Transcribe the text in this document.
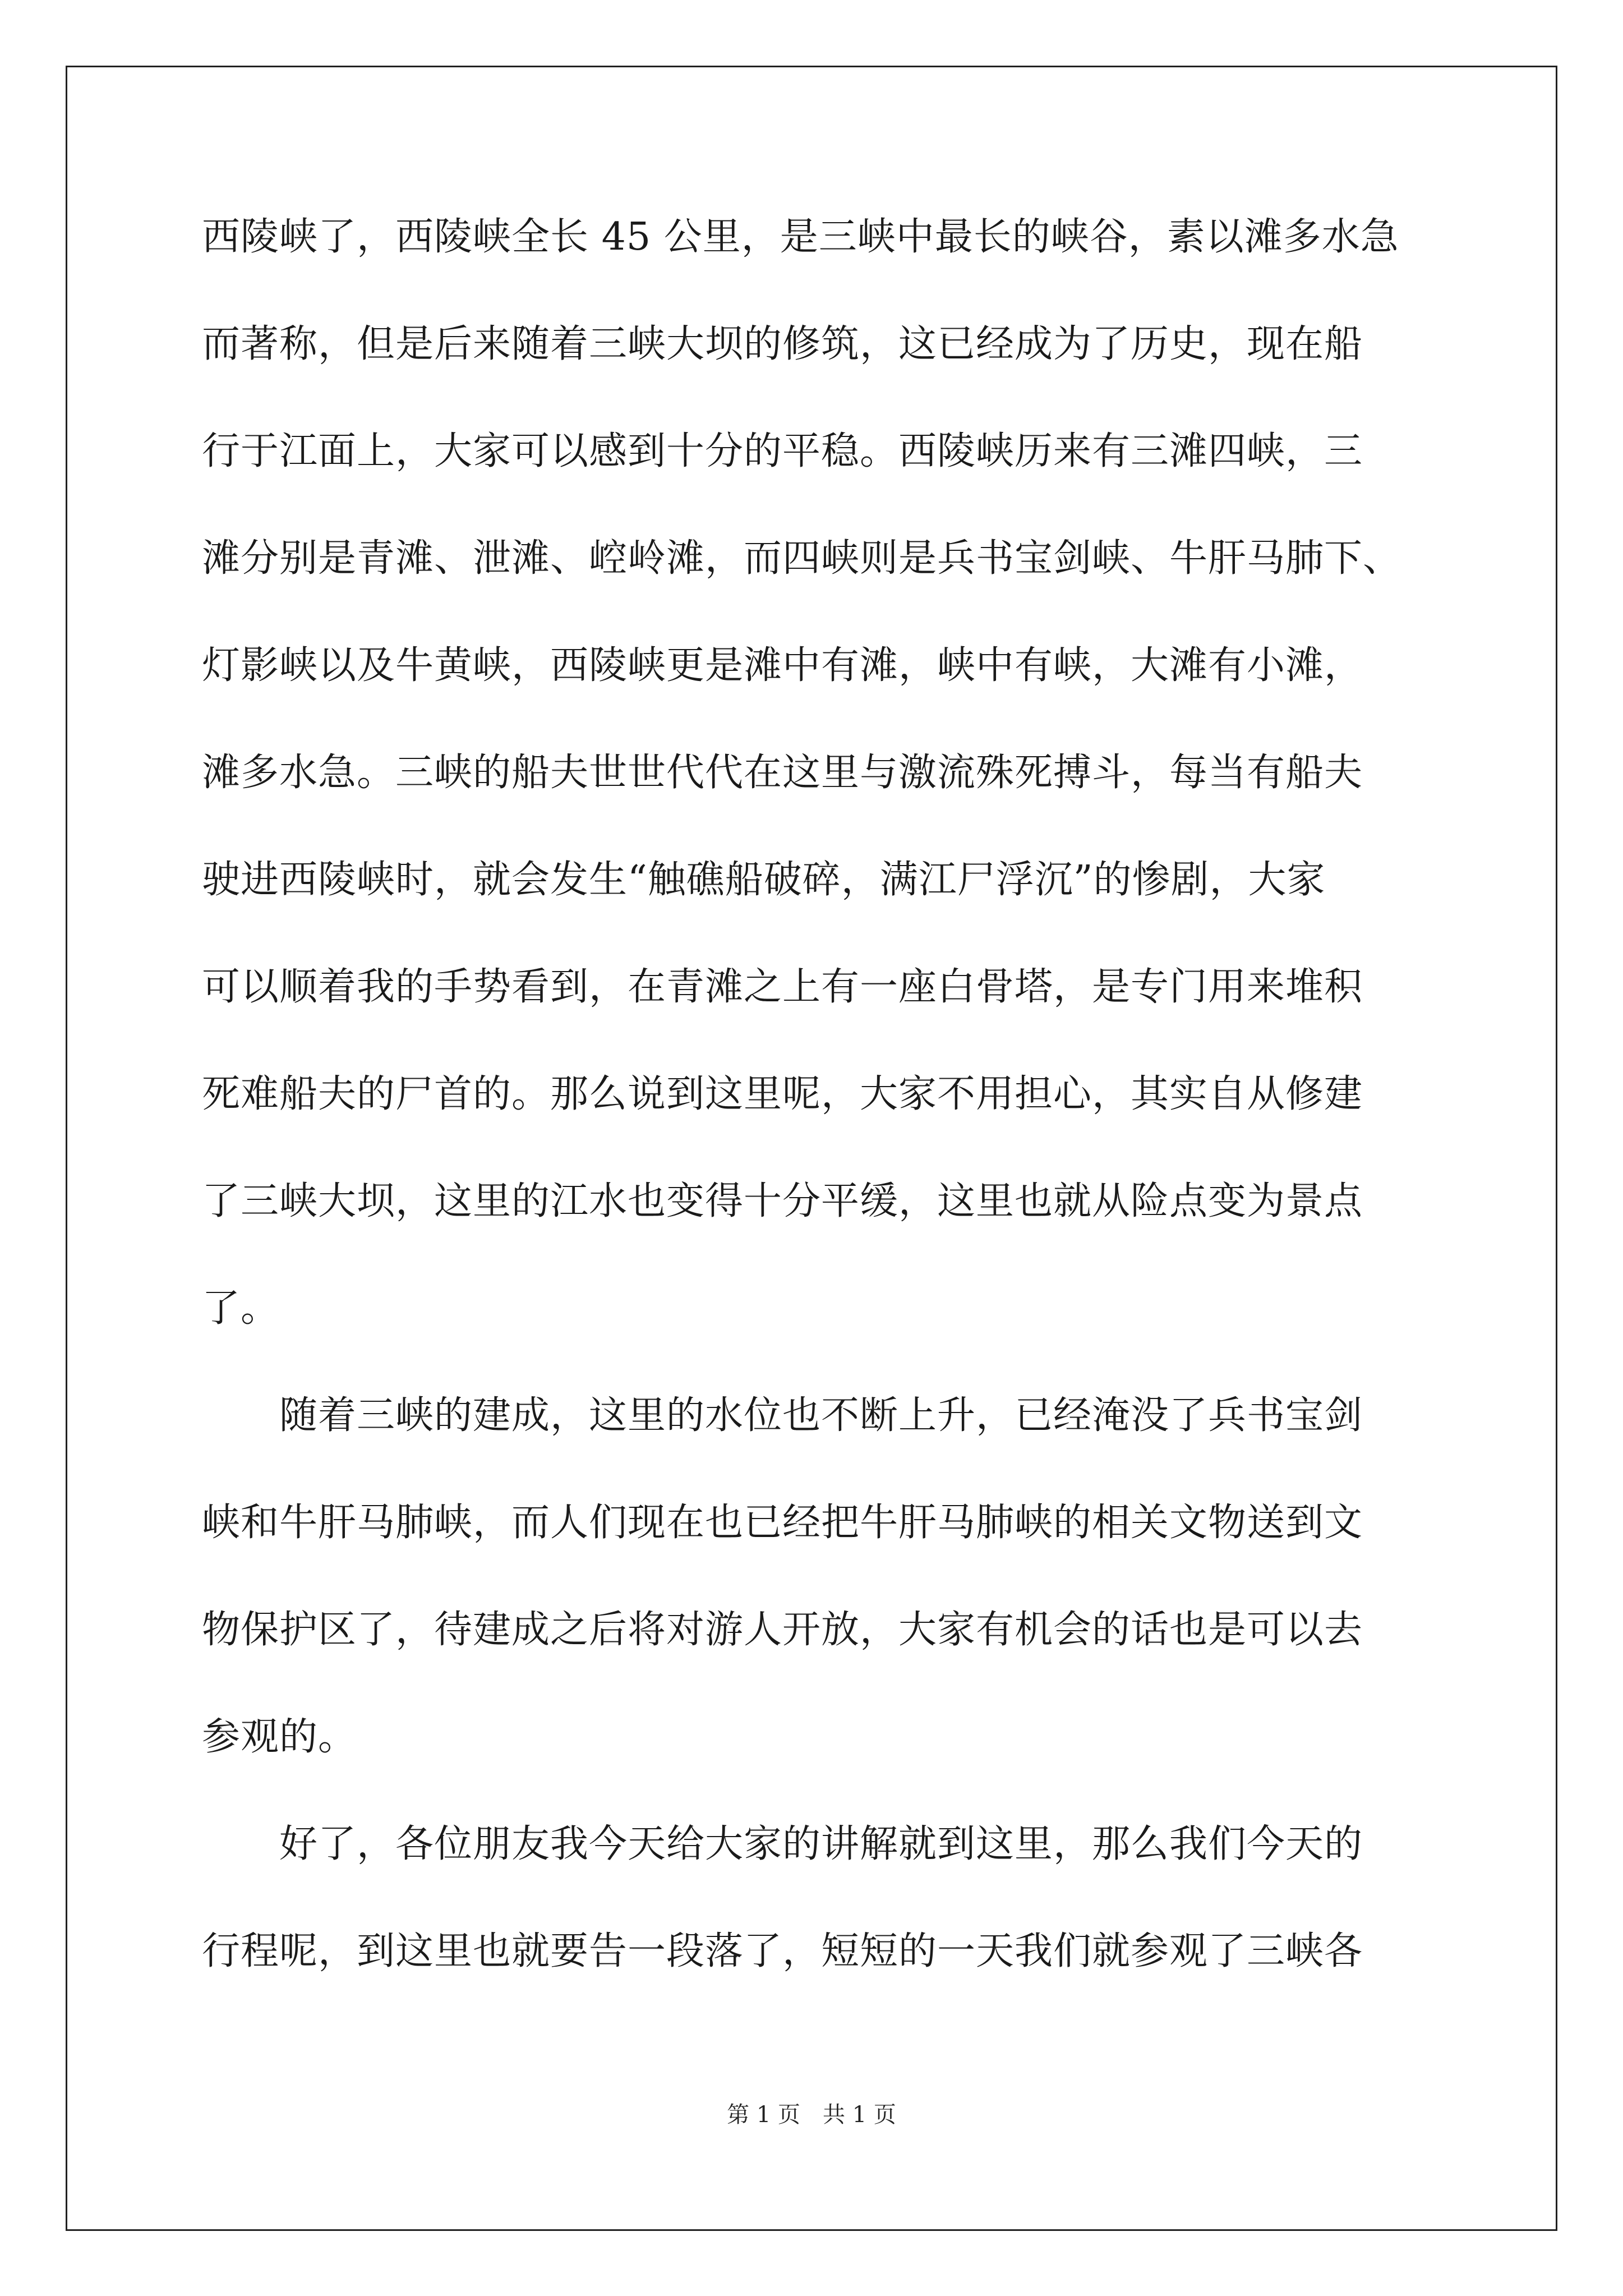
西陵峡了，西陵峡全长 45 公里，是三峡中最长的峡谷，素以滩多水急
而著称，但是后来随着三峡大坝的修筑，这已经成为了历史，现在船
行于江面上，大家可以感到十分的平稳。西陵峡历来有三滩四峡，三
滩分别是青滩、泄滩、崆岭滩，而四峡则是兵书宝剑峡、牛肝马肺下、
灯影峡以及牛黄峡，西陵峡更是滩中有滩，峡中有峡，大滩有小滩，
滩多水急。三峡的船夫世世代代在这里与激流殊死搏斗，每当有船夫
驶进西陵峡时，就会发生“触礁船破碎，满江尸浮沉”的惨剧，大家
可以顺着我的手势看到，在青滩之上有一座白骨塔，是专门用来堆积
死难船夫的尸首的。那么说到这里呢，大家不用担心，其实自从修建
了三峡大坝，这里的江水也变得十分平缓，这里也就从险点变为景点
了。
　　随着三峡的建成，这里的水位也不断上升，已经淹没了兵书宝剑
峡和牛肝马肺峡，而人们现在也已经把牛肝马肺峡的相关文物送到文
物保护区了，待建成之后将对游人开放，大家有机会的话也是可以去
参观的。
　　好了，各位朋友我今天给大家的讲解就到这里，那么我们今天的
行程呢，到这里也就要告一段落了，短短的一天我们就参观了三峡各
第 1 页　共 1 页
